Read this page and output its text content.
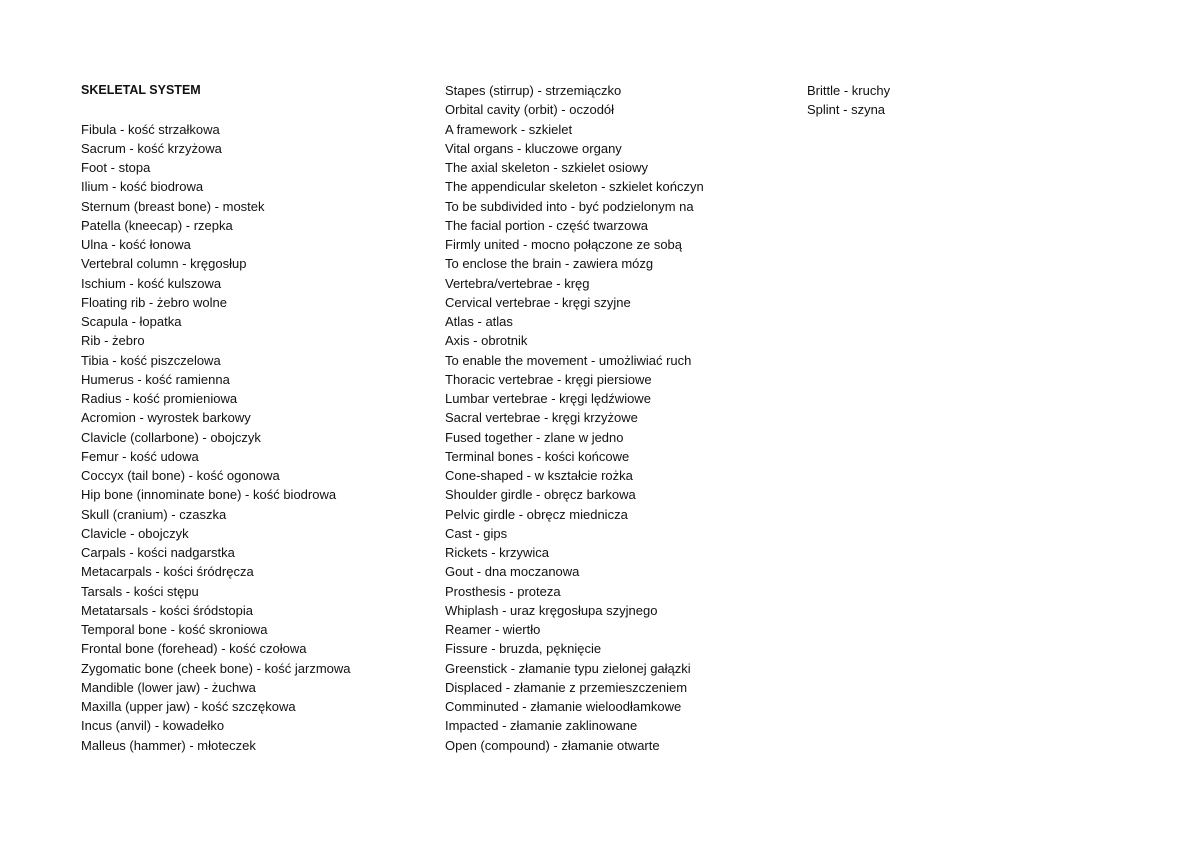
SKELETAL SYSTEM
Fibula - kość strzałkowa
Sacrum - kość krzyżowa
Foot - stopa
Ilium - kość biodrowa
Sternum (breast bone) - mostek
Patella (kneecap) - rzepka
Ulna - kość łonowa
Vertebral column - kręgosłup
Ischium - kość kulszowa
Floating rib - żebro wolne
Scapula - łopatka
Rib - żebro
Tibia - kość piszczelowa
Humerus - kość ramienna
Radius - kość promieniowa
Acromion - wyrostek barkowy
Clavicle (collarbone) - obojczyk
Femur - kość udowa
Coccyx (tail bone) - kość ogonowa
Hip bone (innominate bone) - kość biodrowa
Skull (cranium) - czaszka
Clavicle - obojczyk
Carpals - kości nadgarstka
Metacarpals - kości śródręcza
Tarsals - kości stępu
Metatarsals - kości śródstopia
Temporal bone - kość skroniowa
Frontal bone (forehead) - kość czołowa
Zygomatic bone (cheek bone) - kość jarzmowa
Mandible (lower jaw) - żuchwa
Maxilla (upper jaw) - kość szczękowa
Incus (anvil) - kowadełko
Malleus (hammer) - młoteczek
Stapes (stirrup) - strzemiączko
Orbital cavity (orbit) - oczodół
A framework - szkielet
Vital organs - kluczowe organy
The axial skeleton - szkielet osiowy
The appendicular skeleton - szkielet kończyn
To be subdivided into - być podzielonym na
The facial portion - część twarzowa
Firmly united - mocno połączone ze sobą
To enclose the brain - zawiera mózg
Vertebra/vertebrae - kręg
Cervical vertebrae - kręgi szyjne
Atlas - atlas
Axis - obrotnik
To enable the movement - umożliwiać ruch
Thoracic vertebrae - kręgi piersiowe
Lumbar vertebrae - kręgi lędźwiowe
Sacral vertebrae - kręgi krzyżowe
Fused together - zlane w jedno
Terminal bones - kości końcowe
Cone-shaped - w kształcie rożka
Shoulder girdle - obręcz barkowa
Pelvic girdle - obręcz miednicza
Cast - gips
Rickets - krzywica
Gout - dna moczanowa
Prosthesis - proteza
Whiplash - uraz kręgosłupa szyjnego
Reamer - wiertło
Fissure - bruzda, pęknięcie
Greenstick - złamanie typu zielonej gałązki
Displaced - złamanie z przemieszczeniem
Comminuted - złamanie wieloodłamkowe
Impacted - złamanie zaklinowane
Open (compound) - złamanie otwarte
Brittle - kruchy
Splint - szyna
